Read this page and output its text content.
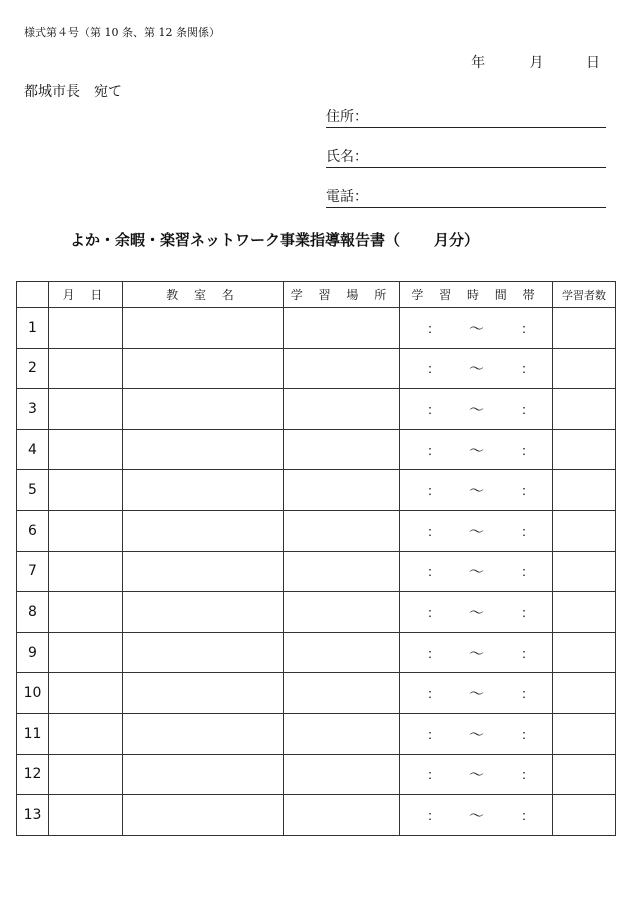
様式第４号（第 10 条、第 12 条関係）
年	月	日
都城市長　宛て
住所：
氏名：
電話：
よか・余暇・楽習ネットワーク事業指導報告書（ 月分）
	月 日	教 室 名	学 習 場 所	学 習 時 間 帯	学習者数
1				： ～ ：	

2				： ～ ：	

3				： ～ ：	

4				： ～ ：	

5				： ～ ：	

6				： ～ ：	

7				： ～ ：	

8				： ～ ：	

9				： ～ ：	

10				： ～ ：	

11				： ～ ：	

12				： ～ ：	

13				： ～ ：	
